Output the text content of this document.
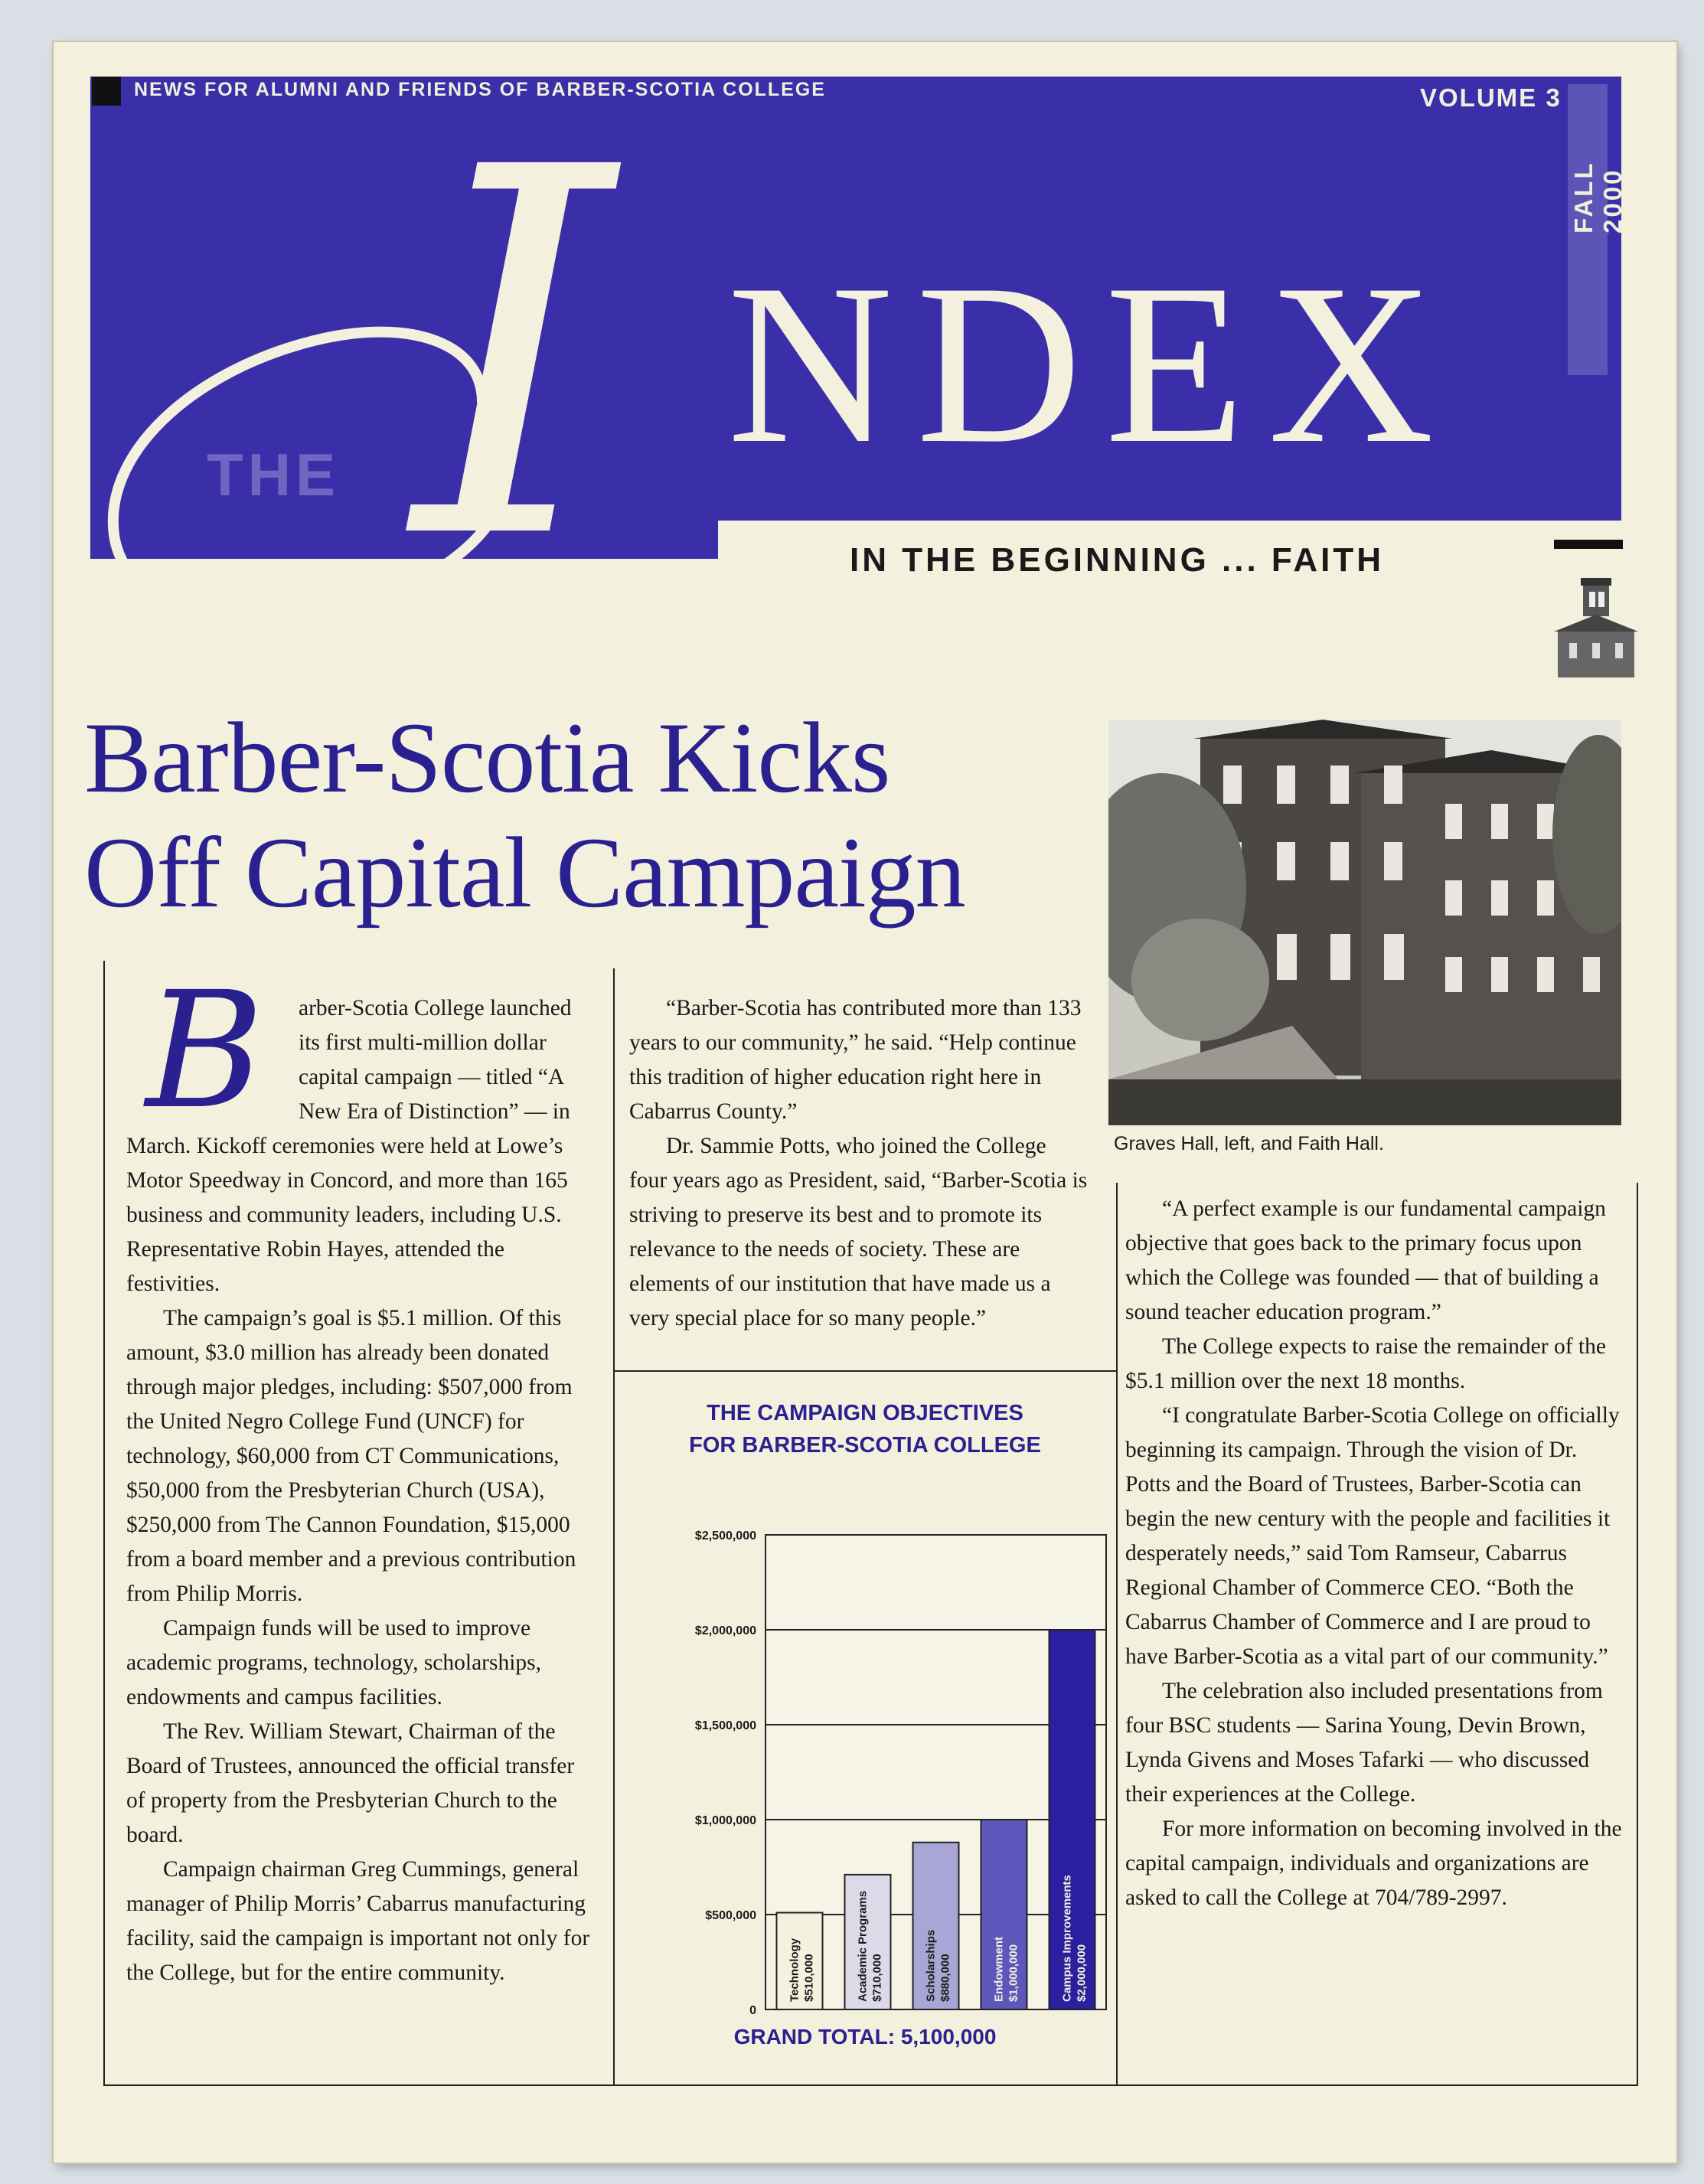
NEWS FOR ALUMNI AND FRIENDS OF BARBER-SCOTIA COLLEGE	VOLUME 3
FALL 2000
THE I NDEX
IN THE BEGINNING ... FAITH
Barber-Scotia Kicks
Off Capital Campaign
Graves Hall, left, and Faith Hall.
B	arber-Scotia College launched its first multi-million dollar capital campaign — titled “A New Era of Distinction” — in March. Kickoff ceremonies were held at Lowe’s Motor Speedway in Concord, and more than 165 business and community leaders, including U.S. Representative Robin Hayes, attended the festivities.

The campaign’s goal is $5.1 million. Of this amount, $3.0 million has already been donated through major pledges, including: $507,000 from the United Negro College Fund (UNCF) for technology, $60,000 from CT Communications, $50,000 from the Presbyterian Church (USA), $250,000 from The Cannon Foundation, $15,000 from a board member and a previous contribution from Philip Morris.

Campaign funds will be used to improve academic programs, technology, scholarships, endowments and campus facilities.

The Rev. William Stewart, Chairman of the Board of Trustees, announced the official transfer of property from the Presbyterian Church to the board.

Campaign chairman Greg Cummings, general manager of Philip Morris’ Cabarrus manufacturing facility, said the campaign is important not only for the College, but for the entire community.

“Barber-Scotia has contributed more than 133 years to our community,” he said. “Help continue this tradition of higher education right here in Cabarrus County.”

Dr. Sammie Potts, who joined the College four years ago as President, said, “Barber-Scotia is striving to preserve its best and to promote its relevance to the needs of society. These are elements of our institution that have made us a very special place for so many people.”

“A perfect example is our fundamental campaign objective that goes back to the primary focus upon which the College was founded — that of building a sound teacher education program.”

The College expects to raise the remainder of the $5.1 million over the next 18 months.

“I congratulate Barber-Scotia College on officially beginning its campaign. Through the vision of Dr. Potts and the Board of Trustees, Barber-Scotia can begin the new century with the people and facilities it desperately needs,” said Tom Ramseur, Cabarrus Regional Chamber of Commerce CEO. “Both the Cabarrus Chamber of Commerce and I are proud to have Barber-Scotia as a vital part of our community.”

The celebration also included presentations from four BSC students — Sarina Young, Devin Brown, Lynda Givens and Moses Tafarki — who discussed their experiences at the College.

For more information on becoming involved in the capital campaign, individuals and organizations are asked to call the College at 704/789-2997.

THE CAMPAIGN OBJECTIVES
FOR BARBER-SCOTIA COLLEGE
0
$500,000
$1,000,000
$1,500,000
$2,000,000
$2,500,000
Technology $510,000	Academic Programs $710,000	Scholarships $880,000	Endowment $1,000,000	Campus Improvements $2,000,000
GRAND TOTAL: 5,100,000
